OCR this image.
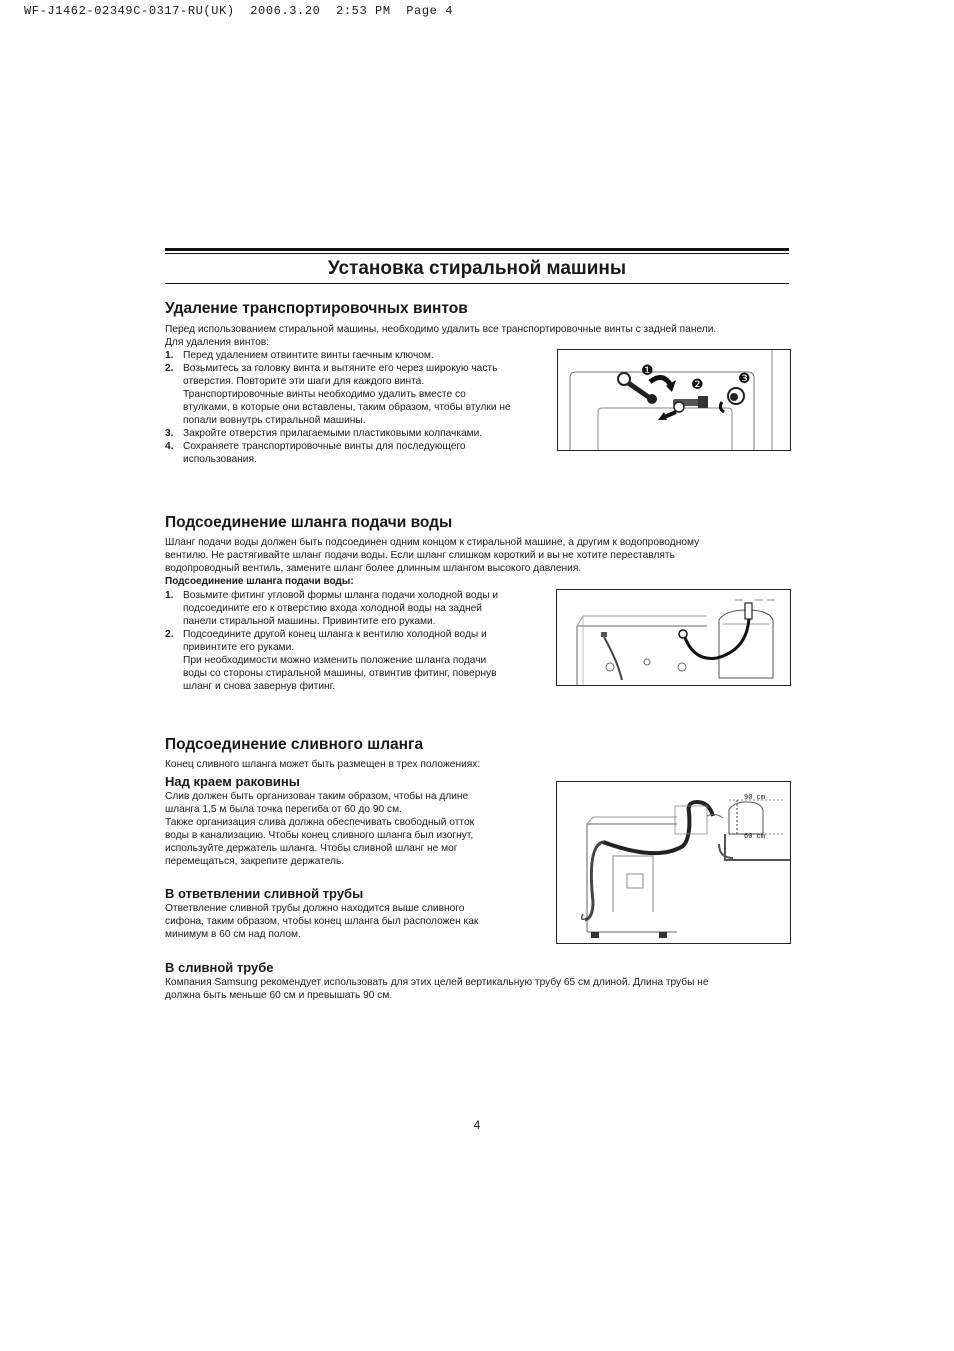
WF-J1462-02349C-0317-RU(UK)  2006.3.20  2:53 PM  Page 4
Установка стиральной машины
Удаление транспортировочных винтов

Перед использованием стиральной машины, необходимо удалить все транспортировочные винты с задней панели.

Для удаления винтов:

1. Перед удалением отвинтите винты гаечным ключом.
2. Возьмитесь за головку винта и вытяните его через широкую часть
отверстия. Повторите эти шаги для каждого винта.
Транспортировочные винты необходимо удалить вместе со
втулками, в которые они вставлены, таким образом, чтобы втулки не
попали вовнутрь стиральной машины.
3. Закройте отверстия прилагаемыми пластиковыми колпачками.
4. Сохраняете транспортировочные винты для последующего
использования.
❶
❷ ❸
Подсоединение шланга подачи воды

Шланг подачи воды должен быть подсоединен одним концом к стиральной машине, а другим к водопроводному

вентилю. Не растягивайте шланг подачи воды. Если шланг слишком короткий и вы не хотите переставлять

водопроводный вентиль, замените шланг более длинным шлангом высокого давления.

Подсоединение шланга подачи воды:

1. Возьмите фитинг угловой формы шланга подачи холодной воды и
подсоедините его к отверстию входа холодной воды на задней
панели стиральной машины. Привинтите его руками.
2. Подсоедините другой конец шланга к вентилю холодной воды и
привинтите его руками.
При необходимости можно изменить положение шланга подачи
воды со стороны стиральной машины, отвинтив фитинг, повернув
шланг и снова завернув фитинг.
Подсоединение сливного шланга

Конец сливного шланга может быть размещен в трех положениях:

Над краем раковины

Слив должен быть организован таким образом, чтобы на длине
шланга 1,5 м была точка перегиба от 60 до 90 см.
Также организация слива должна обеспечивать свободный отток
воды в канализацию. Чтобы конец сливного шланга был изогнут,
используйте держатель шланга. Чтобы сливной шланг не мог
перемещаться, закрепите держатель.

В ответвлении сливной трубы

Ответвление сливной трубы должно находится выше сливного
сифона, таким образом, чтобы конец шланга был расположен как
минимум в 60 см над полом.

В сливной трубе

Компания Samsung рекомендует использовать для этих целей вертикальную трубу 65 см длиной. Длина трубы не
должна быть меньше 60 см и превышать 90 см.

90 cm
60 cm
4
